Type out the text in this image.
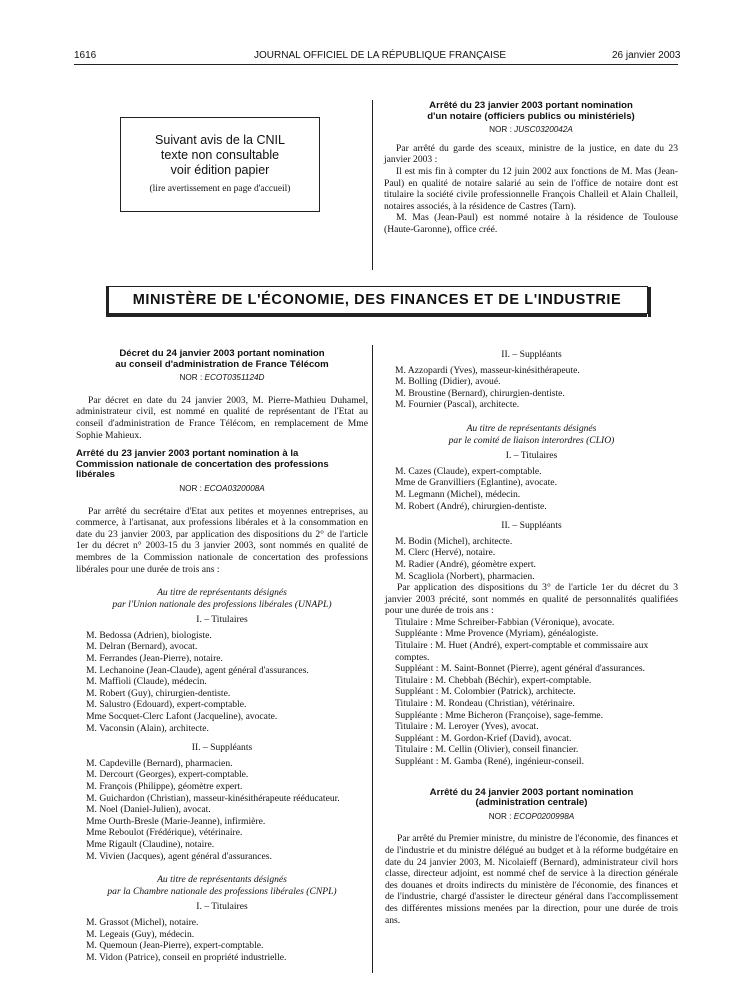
1616	JOURNAL OFFICIEL DE LA RÉPUBLIQUE FRANÇAISE	26 janvier 2003
Suivant avis de la CNIL
texte non consultable
voir édition papier
(lire avertissement en page d'accueil)

Arrêté du 23 janvier 2003 portant nomination

d'un notaire (officiers publics ou ministériels)

NOR : JUSC0320042A

Par arrêté du garde des sceaux, ministre de la justice, en date du 23 janvier 2003 :

Il est mis fin à compter du 12 juin 2002 aux fonctions de M. Mas (Jean-Paul) en qualité de notaire salarié au sein de l'office de notaire dont est titulaire la société civile professionnelle François Challeil et Alain Challeil, notaires associés, à la résidence de Castres (Tarn).

M. Mas (Jean-Paul) est nommé notaire à la résidence de Toulouse (Haute-Garonne), office créé.

MINISTÈRE DE L'ÉCONOMIE, DES FINANCES ET DE L'INDUSTRIE

Décret du 24 janvier 2003 portant nomination

au conseil d'administration de France Télécom

NOR : ECOT0351124D

Par décret en date du 24 janvier 2003, M. Pierre-Mathieu Duhamel, administrateur civil, est nommé en qualité de représentant de l'Etat au conseil d'administration de France Télécom, en remplacement de Mme Sophie Mahieux.

Arrêté du 23 janvier 2003 portant nomination à la

Commission nationale de concertation des professions

libérales

NOR : ECOA0320008A

Par arrêté du secrétaire d'Etat aux petites et moyennes entreprises, au commerce, à l'artisanat, aux professions libérales et à la consommation en date du 23 janvier 2003, par application des dispositions du 2° de l'article 1er du décret n° 2003-15 du 3 janvier 2003, sont nommés en qualité de membres de la Commission nationale de concertation des professions libérales pour une durée de trois ans :

Au titre de représentants désignés

par l'Union nationale des professions libérales (UNAPL)

I. – Titulaires

M. Bedossa (Adrien), biologiste.

M. Delran (Bernard), avocat.

M. Ferrandes (Jean-Pierre), notaire.

M. Lechanoine (Jean-Claude), agent général d'assurances.

M. Maffioli (Claude), médecin.

M. Robert (Guy), chirurgien-dentiste.

M. Salustro (Edouard), expert-comptable.

Mme Socquet-Clerc Lafont (Jacqueline), avocate.

M. Vaconsin (Alain), architecte.

II. – Suppléants

M. Capdeville (Bernard), pharmacien.

M. Dercourt (Georges), expert-comptable.

M. François (Philippe), géomètre expert.

M. Guichardon (Christian), masseur-kinésithérapeute rééducateur.

M. Noel (Daniel-Julien), avocat.

Mme Ourth-Bresle (Marie-Jeanne), infirmière.

Mme Reboulot (Frédérique), vétérinaire.

Mme Rigault (Claudine), notaire.

M. Vivien (Jacques), agent général d'assurances.

Au titre de représentants désignés

par la Chambre nationale des professions libérales (CNPL)

I. – Titulaires

M. Grassot (Michel), notaire.

M. Legeais (Guy), médecin.

M. Quemoun (Jean-Pierre), expert-comptable.

M. Vidon (Patrice), conseil en propriété industrielle.

II. – Suppléants

M. Azzopardi (Yves), masseur-kinésithérapeute.

M. Bolling (Didier), avoué.

M. Broustine (Bernard), chirurgien-dentiste.

M. Fournier (Pascal), architecte.

Au titre de représentants désignés

par le comité de liaison interordres (CLIO)

I. – Titulaires

M. Cazes (Claude), expert-comptable.

Mme de Granvilliers (Eglantine), avocate.

M. Legmann (Michel), médecin.

M. Robert (André), chirurgien-dentiste.

II. – Suppléants

M. Bodin (Michel), architecte.

M. Clerc (Hervé), notaire.

M. Radier (André), géomètre expert.

M. Scagliola (Norbert), pharmacien.

Par application des dispositions du 3° de l'article 1er du décret du 3 janvier 2003 précité, sont nommés en qualité de personnalités qualifiées pour une durée de trois ans :

Titulaire : Mme Schreiber-Fabbian (Véronique), avocate.

Suppléante : Mme Provence (Myriam), généalogiste.

Titulaire : M. Huet (André), expert-comptable et commissaire aux comptes.

Suppléant : M. Saint-Bonnet (Pierre), agent général d'assurances.

Titulaire : M. Chebbah (Béchir), expert-comptable.

Suppléant : M. Colombier (Patrick), architecte.

Titulaire : M. Rondeau (Christian), vétérinaire.

Suppléante : Mme Bicheron (Françoise), sage-femme.

Titulaire : M. Leroyer (Yves), avocat.

Suppléant : M. Gordon-Krief (David), avocat.

Titulaire : M. Cellin (Olivier), conseil financier.

Suppléant : M. Gamba (René), ingénieur-conseil.

Arrêté du 24 janvier 2003 portant nomination

(administration centrale)

NOR : ECOP0200998A

Par arrêté du Premier ministre, du ministre de l'économie, des finances et de l'industrie et du ministre délégué au budget et à la réforme budgétaire en date du 24 janvier 2003, M. Nicolaieff (Bernard), administrateur civil hors classe, directeur adjoint, est nommé chef de service à la direction générale des douanes et droits indirects du ministère de l'économie, des finances et de l'industrie, chargé d'assister le directeur général dans l'accomplissement des différentes missions menées par la direction, pour une durée de trois ans.
